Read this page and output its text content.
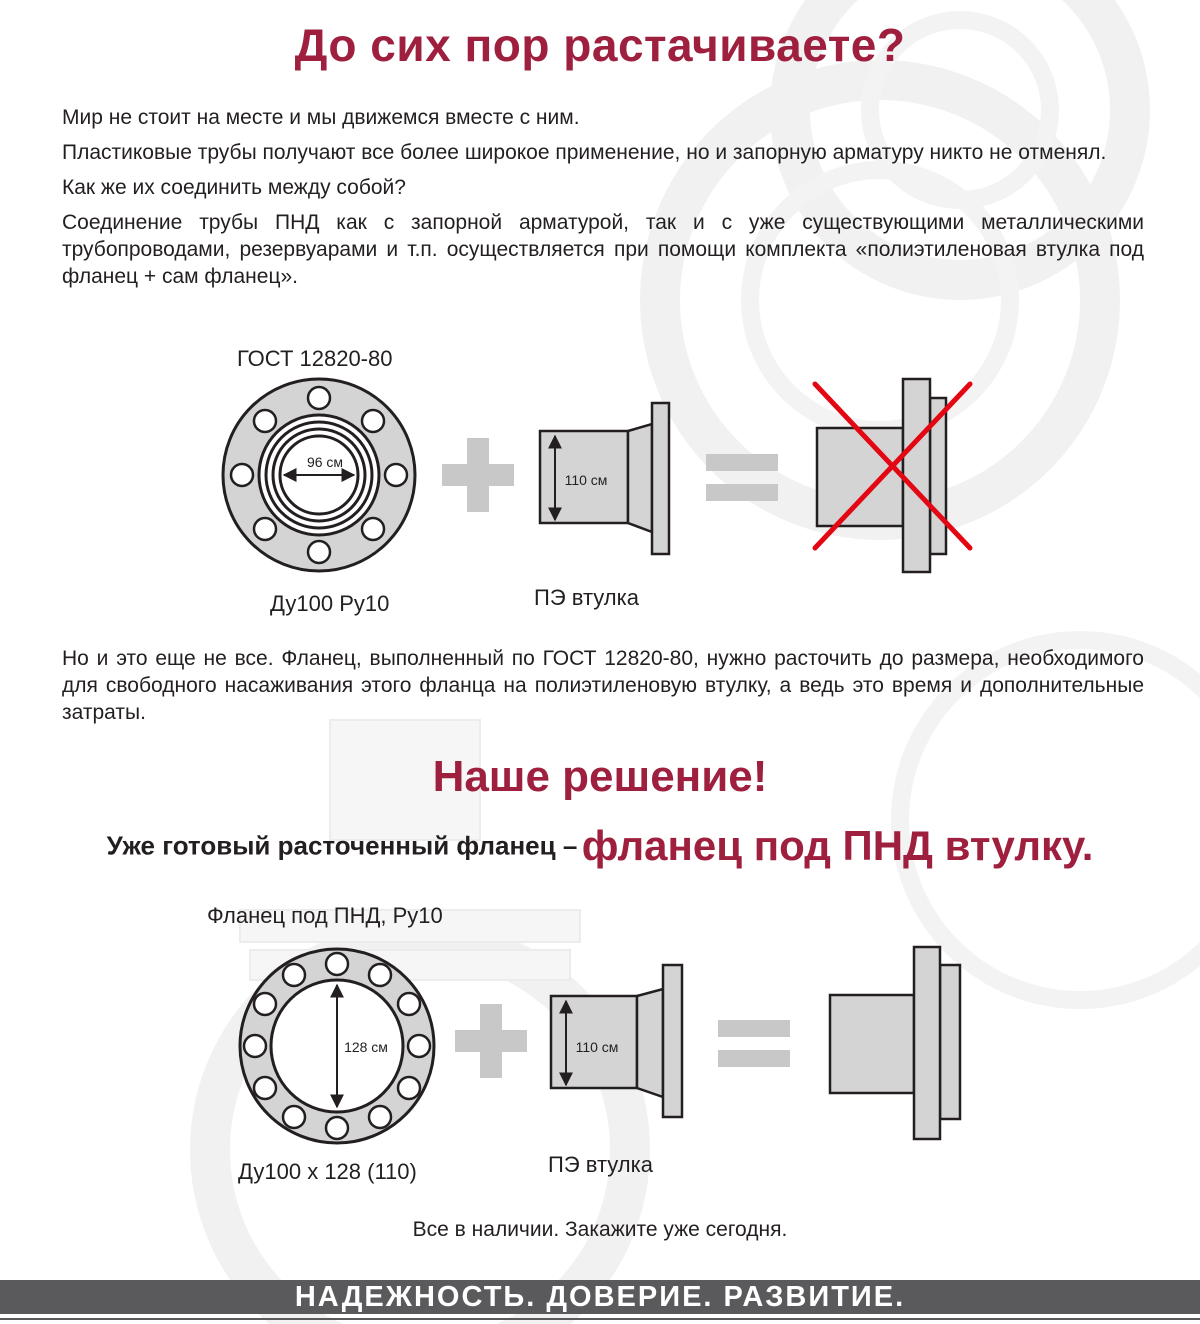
До сих пор растачиваете?

Мир не стоит на месте и мы движемся вместе с ним.

Пластиковые трубы получают все более широкое применение, но и запорную арматуру никто не отменял.

Как же их соединить между собой?

Соединение трубы ПНД как с запорной арматурой, так и с уже существующими металлическими трубопроводами, резервуарами и т.п. осуществляется при помощи комплекта «полиэтиленовая втулка под фланец + сам фланец».

ГОСТ 12820-80
96 см
110 см
Ду100 Ру10	ПЭ втулка
Но и это еще не все. Фланец, выполненный по ГОСТ 12820-80, нужно расточить до размера, необходимого для свободного насаживания этого фланца на полиэтиленовую втулку, а ведь это время и дополнительные затраты.
Наше решение!
Уже готовый расточенный фланец – фланец под ПНД втулку.
Фланец под ПНД, Ру10
128 см	110 см
Ду100 х 128 (110)	ПЭ втулка
Все в наличии. Закажите уже сегодня.
НАДЕЖНОСТЬ. ДОВЕРИЕ. РАЗВИТИЕ.
